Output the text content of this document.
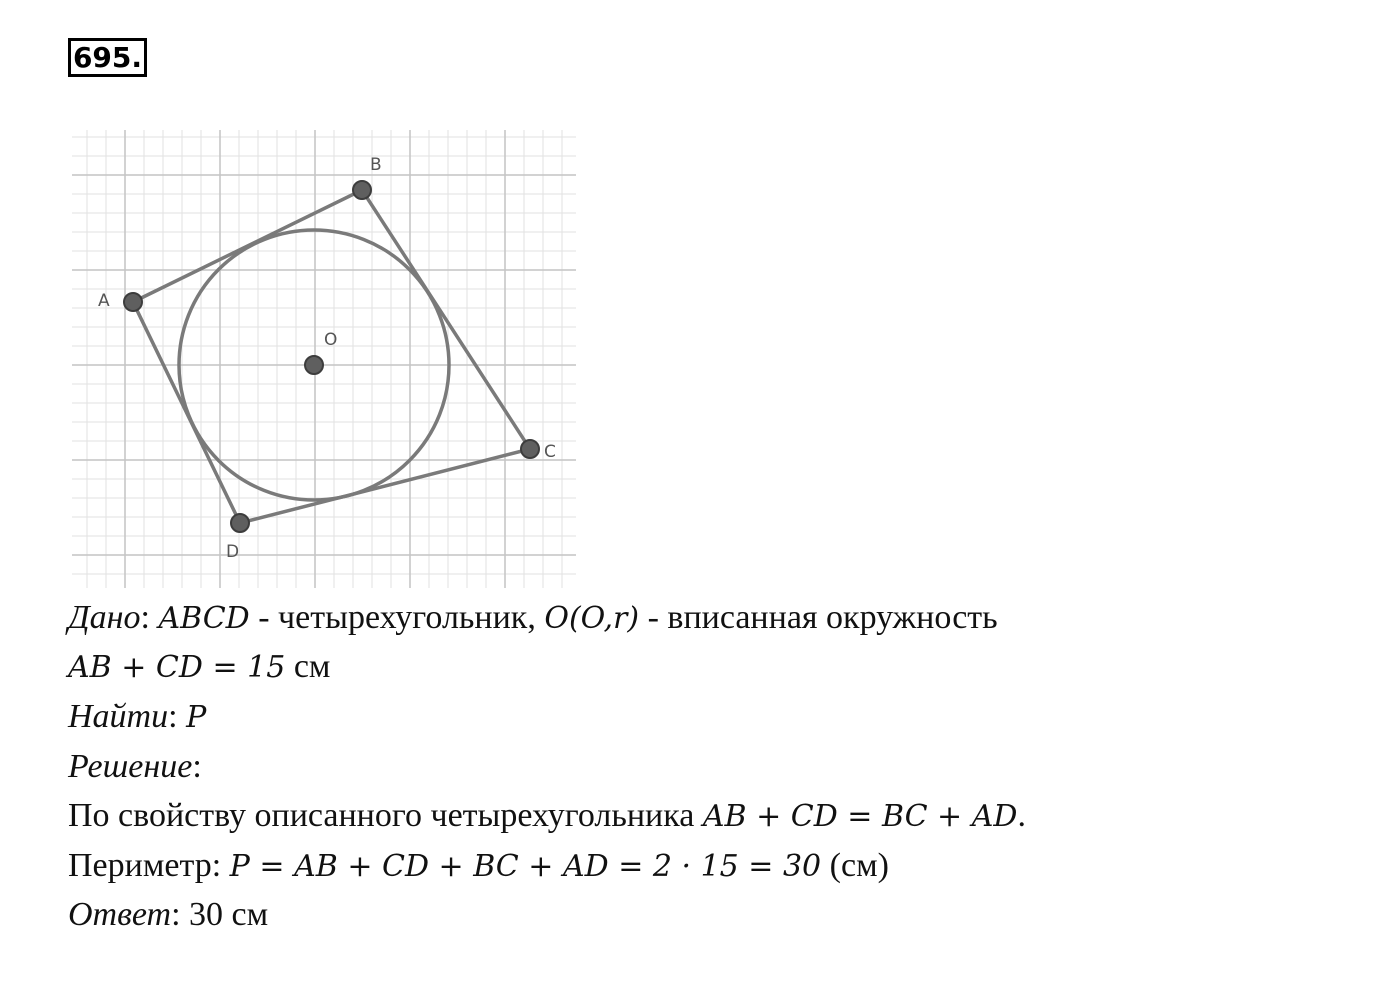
695.
A
B
C
D
O
Дано: ABCD - четырехугольник, O(O,r) - вписанная окружность
AB + CD = 15 см
Найти: P
Решение:
По свойству описанного четырехугольника AB + CD = BC + AD.
Периметр: P = AB + CD + BC + AD = 2 · 15 = 30 (см)
Ответ: 30 см
